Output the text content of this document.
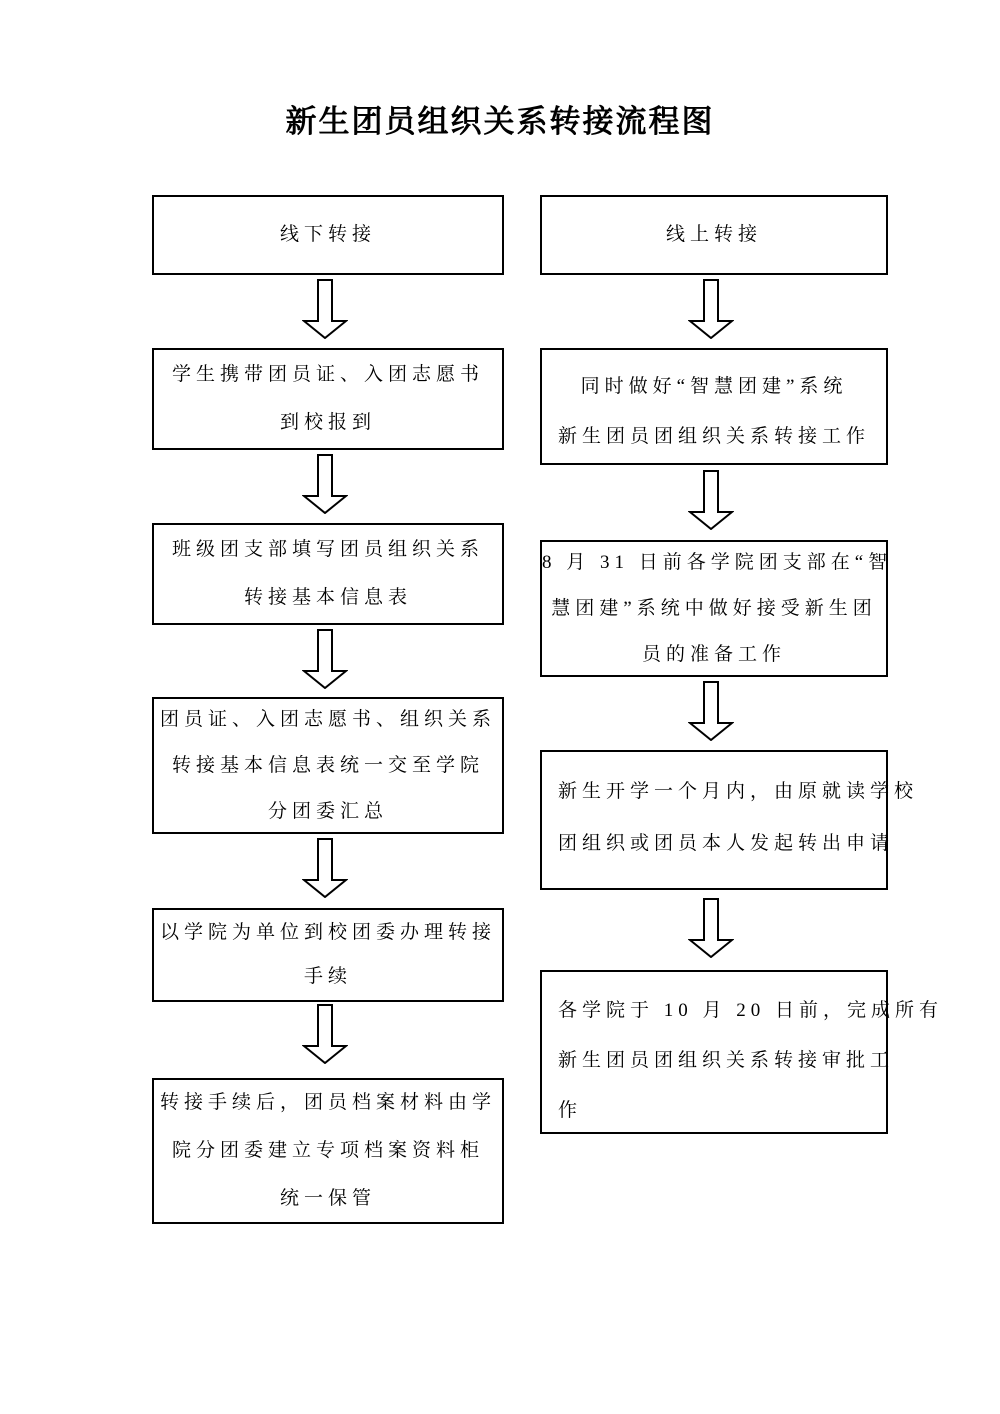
新生团员组织关系转接流程图
线下转接
学生携带团员证、入团志愿书
到校报到
班级团支部填写团员组织关系
转接基本信息表
团员证、入团志愿书、组织关系
转接基本信息表统一交至学院
分团委汇总
以学院为单位到校团委办理转接
手续
转接手续后，团员档案材料由学
院分团委建立专项档案资料柜
统一保管
线上转接
同时做好“智慧团建”系统
新生团员团组织关系转接工作
8 月 31 日前各学院团支部在“智
慧团建”系统中做好接受新生团
员的准备工作
新生开学一个月内，由原就读学校
团组织或团员本人发起转出申请
各学院于 10 月 20 日前，完成所有
新生团员团组织关系转接审批工
作
